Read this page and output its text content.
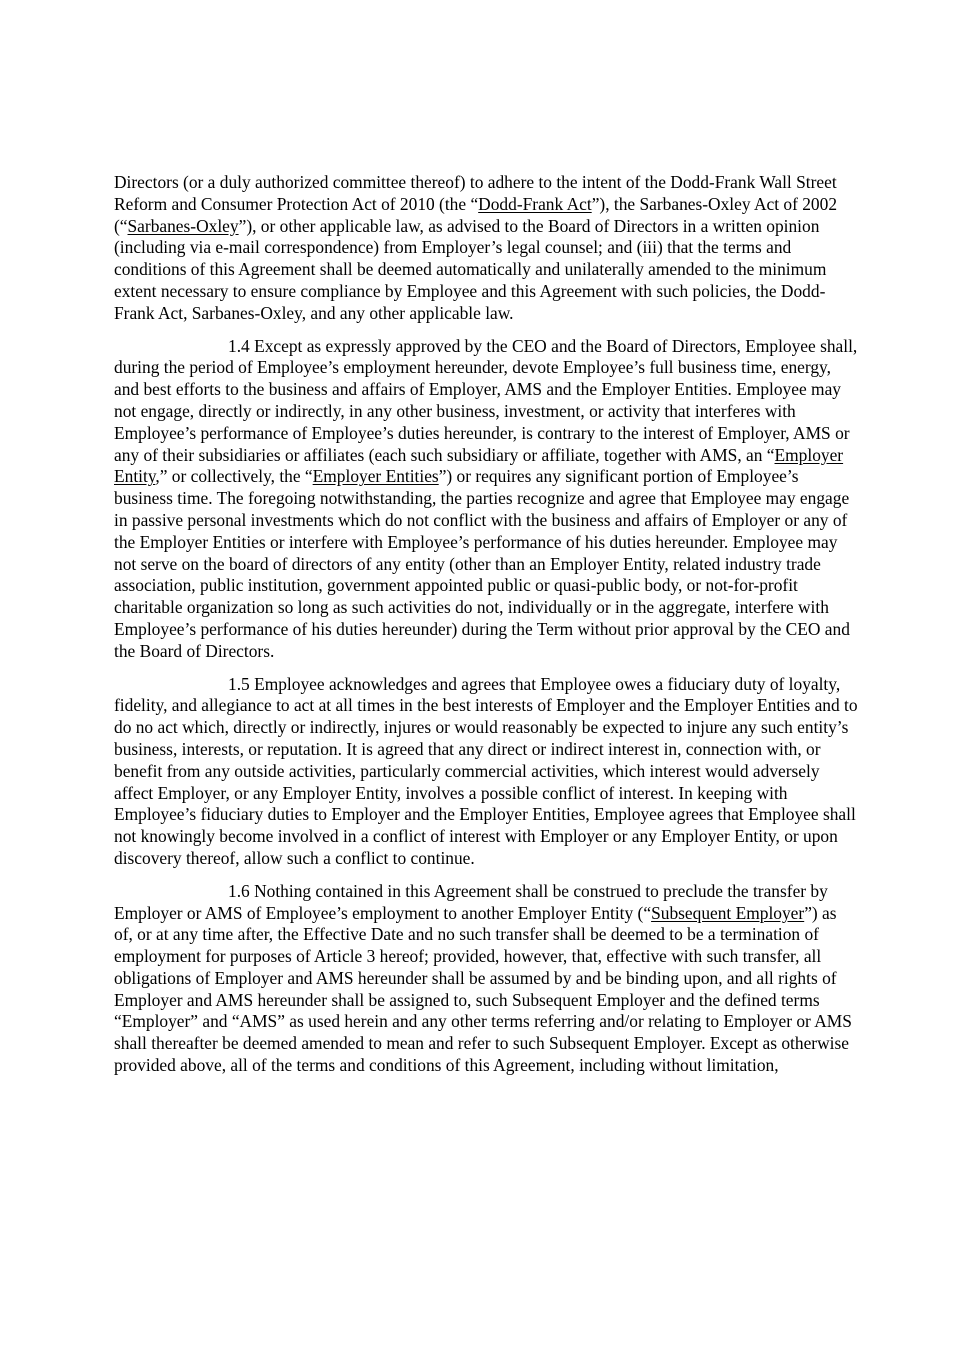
Directors (or a duly authorized committee thereof) to adhere to the intent of the Dodd-Frank Wall Street Reform and Consumer Protection Act of 2010 (the “Dodd-Frank Act”), the Sarbanes-Oxley Act of 2002 (“Sarbanes-Oxley”), or other applicable law, as advised to the Board of Directors in a written opinion (including via e-mail correspondence) from Employer’s legal counsel; and (iii) that the terms and conditions of this Agreement shall be deemed automatically and unilaterally amended to the minimum extent necessary to ensure compliance by Employee and this Agreement with such policies, the Dodd-Frank Act, Sarbanes-Oxley, and any other applicable law.

1.4 Except as expressly approved by the CEO and the Board of Directors, Employee shall, during the period of Employee’s employment hereunder, devote Employee’s full business time, energy, and best efforts to the business and affairs of Employer, AMS and the Employer Entities. Employee may not engage, directly or indirectly, in any other business, investment, or activity that interferes with Employee’s performance of Employee’s duties hereunder, is contrary to the interest of Employer, AMS or any of their subsidiaries or affiliates (each such subsidiary or affiliate, together with AMS, an “Employer Entity,” or collectively, the “Employer Entities”) or requires any significant portion of Employee’s business time. The foregoing notwithstanding, the parties recognize and agree that Employee may engage in passive personal investments which do not conflict with the business and affairs of Employer or any of the Employer Entities or interfere with Employee’s performance of his duties hereunder. Employee may not serve on the board of directors of any entity (other than an Employer Entity, related industry trade association, public institution, government appointed public or quasi-public body, or not-for-profit charitable organization so long as such activities do not, individually or in the aggregate, interfere with Employee’s performance of his duties hereunder) during the Term without prior approval by the CEO and the Board of Directors.

1.5 Employee acknowledges and agrees that Employee owes a fiduciary duty of loyalty, fidelity, and allegiance to act at all times in the best interests of Employer and the Employer Entities and to do no act which, directly or indirectly, injures or would reasonably be expected to injure any such entity’s business, interests, or reputation. It is agreed that any direct or indirect interest in, connection with, or benefit from any outside activities, particularly commercial activities, which interest would adversely affect Employer, or any Employer Entity, involves a possible conflict of interest. In keeping with Employee’s fiduciary duties to Employer and the Employer Entities, Employee agrees that Employee shall not knowingly become involved in a conflict of interest with Employer or any Employer Entity, or upon discovery thereof, allow such a conflict to continue.

1.6 Nothing contained in this Agreement shall be construed to preclude the transfer by Employer or AMS of Employee’s employment to another Employer Entity (“Subsequent Employer”) as of, or at any time after, the Effective Date and no such transfer shall be deemed to be a termination of employment for purposes of Article 3 hereof; provided, however, that, effective with such transfer, all obligations of Employer and AMS hereunder shall be assumed by and be binding upon, and all rights of Employer and AMS hereunder shall be assigned to, such Subsequent Employer and the defined terms “Employer” and “AMS” as used herein and any other terms referring and/or relating to Employer or AMS shall thereafter be deemed amended to mean and refer to such Subsequent Employer. Except as otherwise provided above, all of the terms and conditions of this Agreement, including without limitation,
